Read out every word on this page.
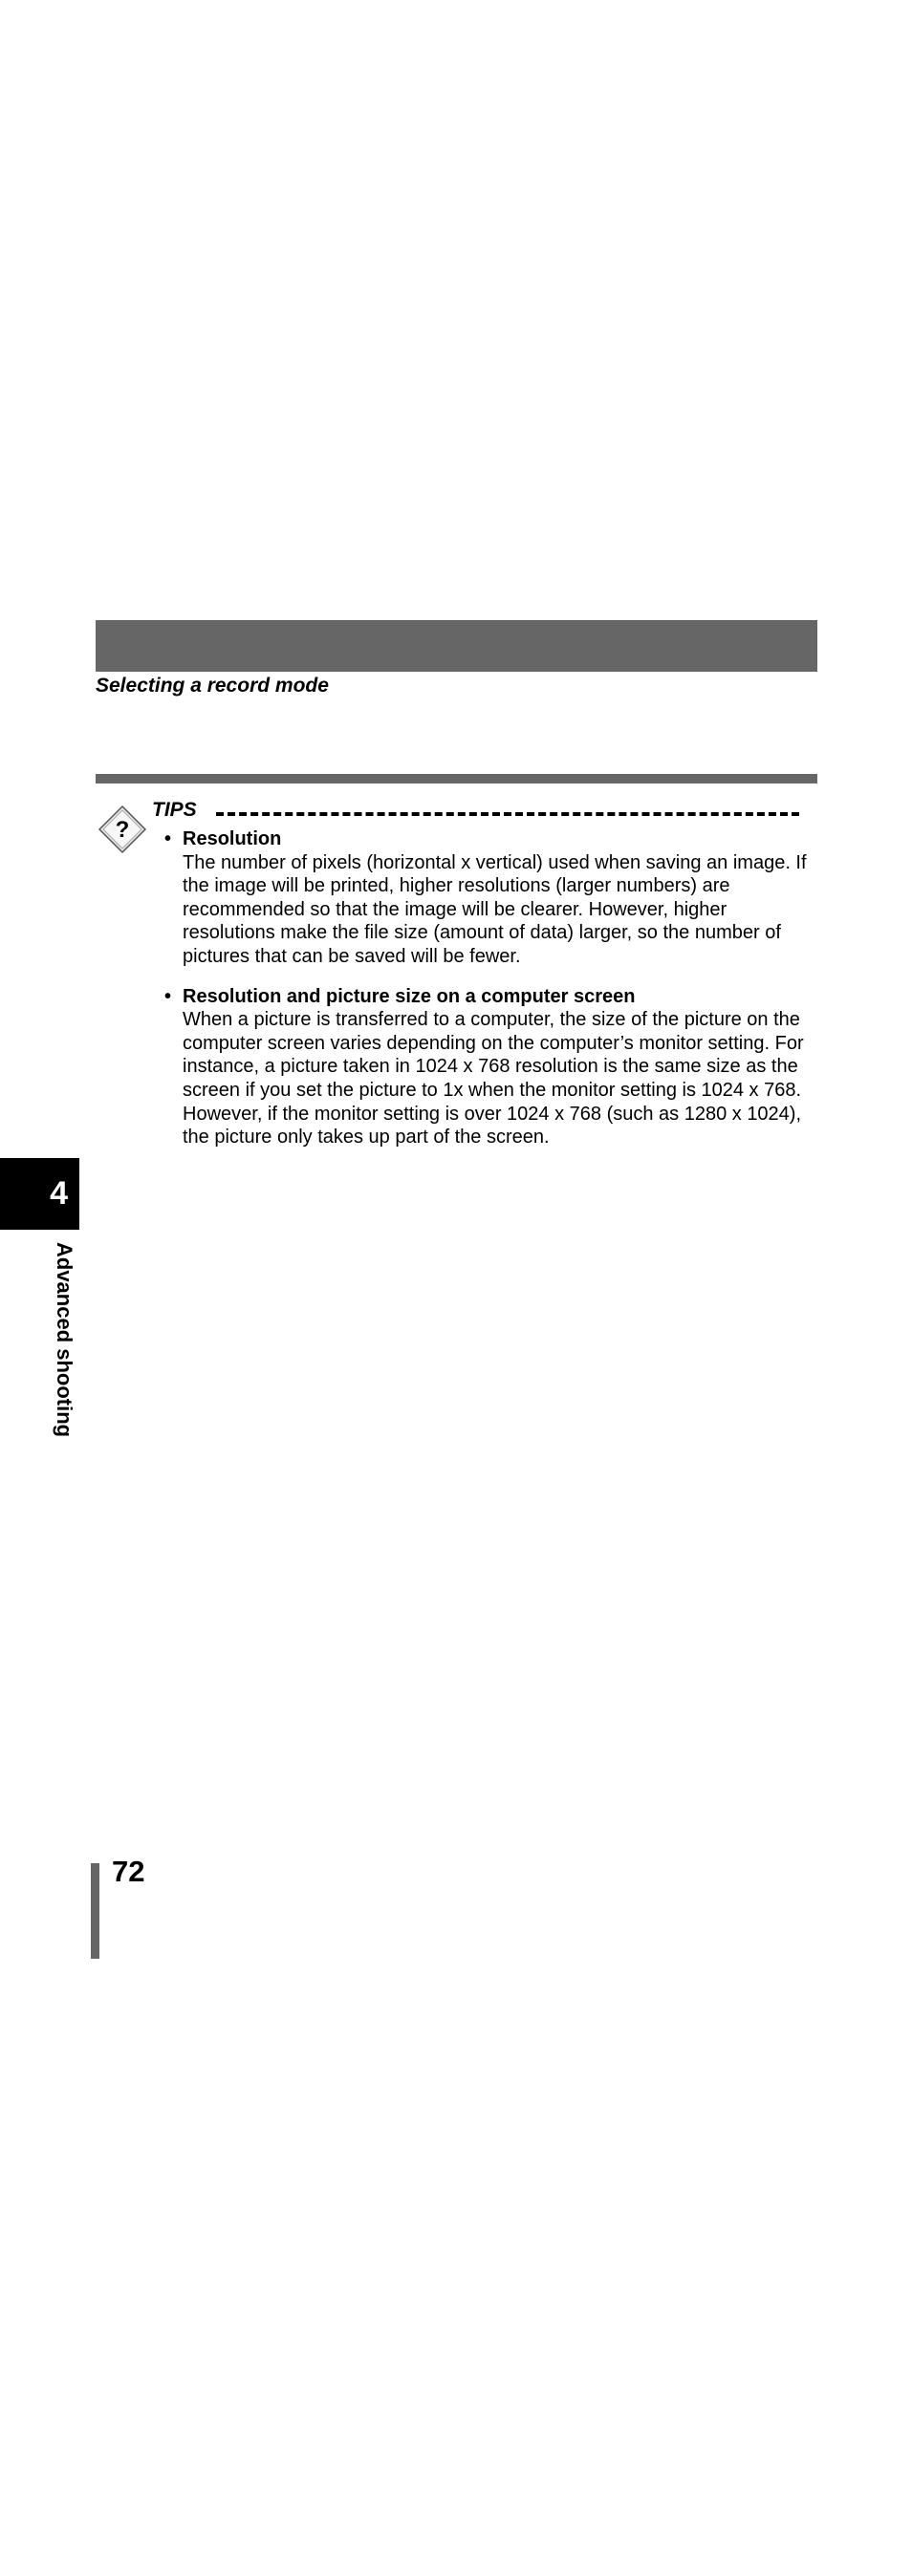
Selecting a record mode
?
TIPS
• Resolution
The number of pixels (horizontal x vertical) used when saving an image. If the image will be printed, higher resolutions (larger numbers) are recommended so that the image will be clearer. However, higher resolutions make the file size (amount of data) larger, so the number of pictures that can be saved will be fewer.
• Resolution and picture size on a computer screen
When a picture is transferred to a computer, the size of the picture on the computer screen varies depending on the computer’s monitor setting. For instance, a picture taken in 1024 x 768 resolution is the same size as the screen if you set the picture to 1x when the monitor setting is 1024 x 768. However, if the monitor setting is over 1024 x 768 (such as 1280 x 1024), the picture only takes up part of the screen.
4
Advanced shooting
72
